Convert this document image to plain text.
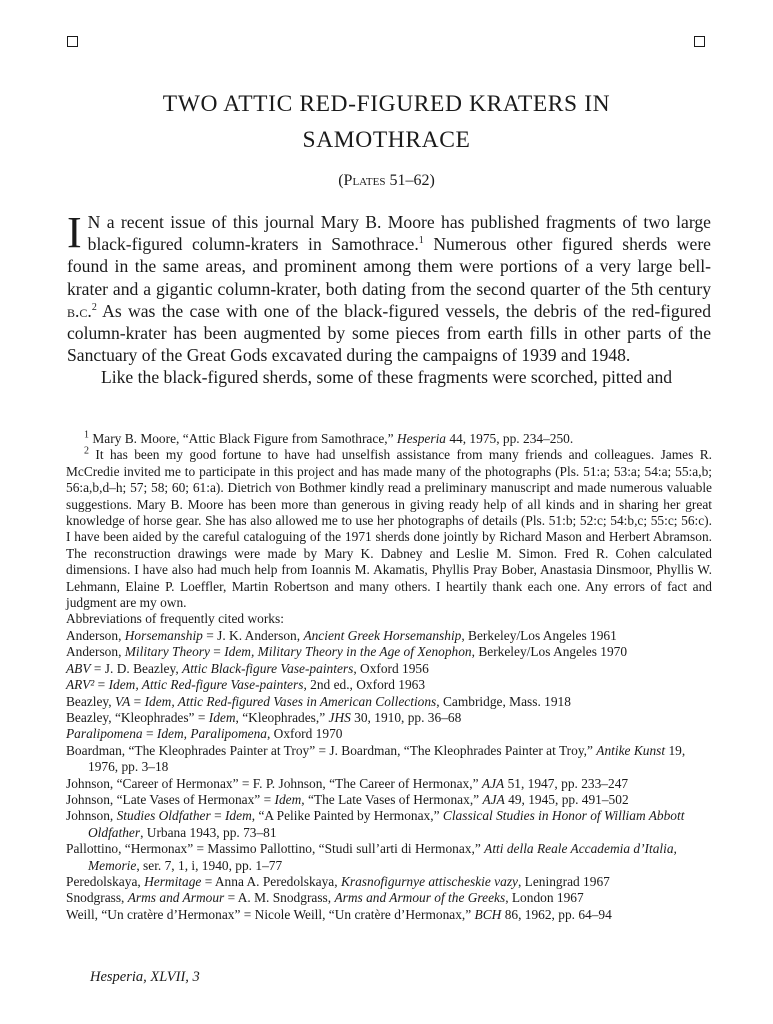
TWO ATTIC RED-FIGURED KRATERS IN
SAMOTHRACE
(Plates 51–62)

I N a recent issue of this journal Mary B. Moore has published fragments of two large black-figured column-kraters in Samothrace.$^1$ Numerous other figured sherds were found in the same areas, and prominent among them were portions of a very large bell-krater and a gigantic column-krater, both dating from the second quarter of the 5th century b.c.$^2$ As was the case with one of the black-figured vessels, the debris of the red-figured column-krater has been augmented by some pieces from earth fills in other parts of the Sanctuary of the Great Gods excavated during the campaigns of 1939 and 1948.

Like the black-figured sherds, some of these fragments were scorched, pitted and

$^1$ Mary B. Moore, “Attic Black Figure from Samothrace,” Hesperia 44, 1975, pp. 234–250.

$^2$ It has been my good fortune to have had unselfish assistance from many friends and colleagues. James R. McCredie invited me to participate in this project and has made many of the photographs (Pls. 51:a; 53:a; 54:a; 55:a,b; 56:a,b,d–h; 57; 58; 60; 61:a). Dietrich von Bothmer kindly read a preliminary manuscript and made numerous valuable suggestions. Mary B. Moore has been more than generous in giving ready help of all kinds and in sharing her great knowledge of horse gear. She has also allowed me to use her photographs of details (Pls. 51:b; 52:c; 54:b,c; 55:c; 56:c). I have been aided by the careful cataloguing of the 1971 sherds done jointly by Richard Mason and Herbert Abramson. The reconstruction drawings were made by Mary K. Dabney and Leslie M. Simon. Fred R. Cohen calculated dimensions. I have also had much help from Ioannis M. Akamatis, Phyllis Pray Bober, Anastasia Dinsmoor, Phyllis W. Lehmann, Elaine P. Loeffler, Martin Robertson and many others. I heartily thank each one. Any errors of fact and judgment are my own.

Abbreviations of frequently cited works:

Anderson, Horsemanship = J. K. Anderson, Ancient Greek Horsemanship, Berkeley/Los Angeles 1961

Anderson, Military Theory = Idem, Military Theory in the Age of Xenophon, Berkeley/Los Angeles 1970

ABV = J. D. Beazley, Attic Black-figure Vase-painters, Oxford 1956

ARV² = Idem, Attic Red-figure Vase-painters, 2nd ed., Oxford 1963

Beazley, VA = Idem, Attic Red-figured Vases in American Collections, Cambridge, Mass. 1918

Beazley, “Kleophrades” = Idem, “Kleophrades,” JHS 30, 1910, pp. 36–68

Paralipomena = Idem, Paralipomena, Oxford 1970

Boardman, “The Kleophrades Painter at Troy” = J. Boardman, “The Kleophrades Painter at Troy,” Antike Kunst 19, 1976, pp. 3–18

Johnson, “Career of Hermonax” = F. P. Johnson, “The Career of Hermonax,” AJA 51, 1947, pp. 233–247

Johnson, “Late Vases of Hermonax” = Idem, “The Late Vases of Hermonax,” AJA 49, 1945, pp. 491–502

Johnson, Studies Oldfather = Idem, “A Pelike Painted by Hermonax,” Classical Studies in Honor of William Abbott Oldfather, Urbana 1943, pp. 73–81

Pallottino, “Hermonax” = Massimo Pallottino, “Studi sull’arti di Hermonax,” Atti della Reale Accademia d’Italia, Memorie, ser. 7, 1, i, 1940, pp. 1–77

Peredolskaya, Hermitage = Anna A. Peredolskaya, Krasnofigurnye attischeskie vazy, Leningrad 1967

Snodgrass, Arms and Armour = A. M. Snodgrass, Arms and Armour of the Greeks, London 1967

Weill, “Un cratère d’Hermonax” = Nicole Weill, “Un cratère d’Hermonax,” BCH 86, 1962, pp. 64–94

Hesperia, XLVII, 3
